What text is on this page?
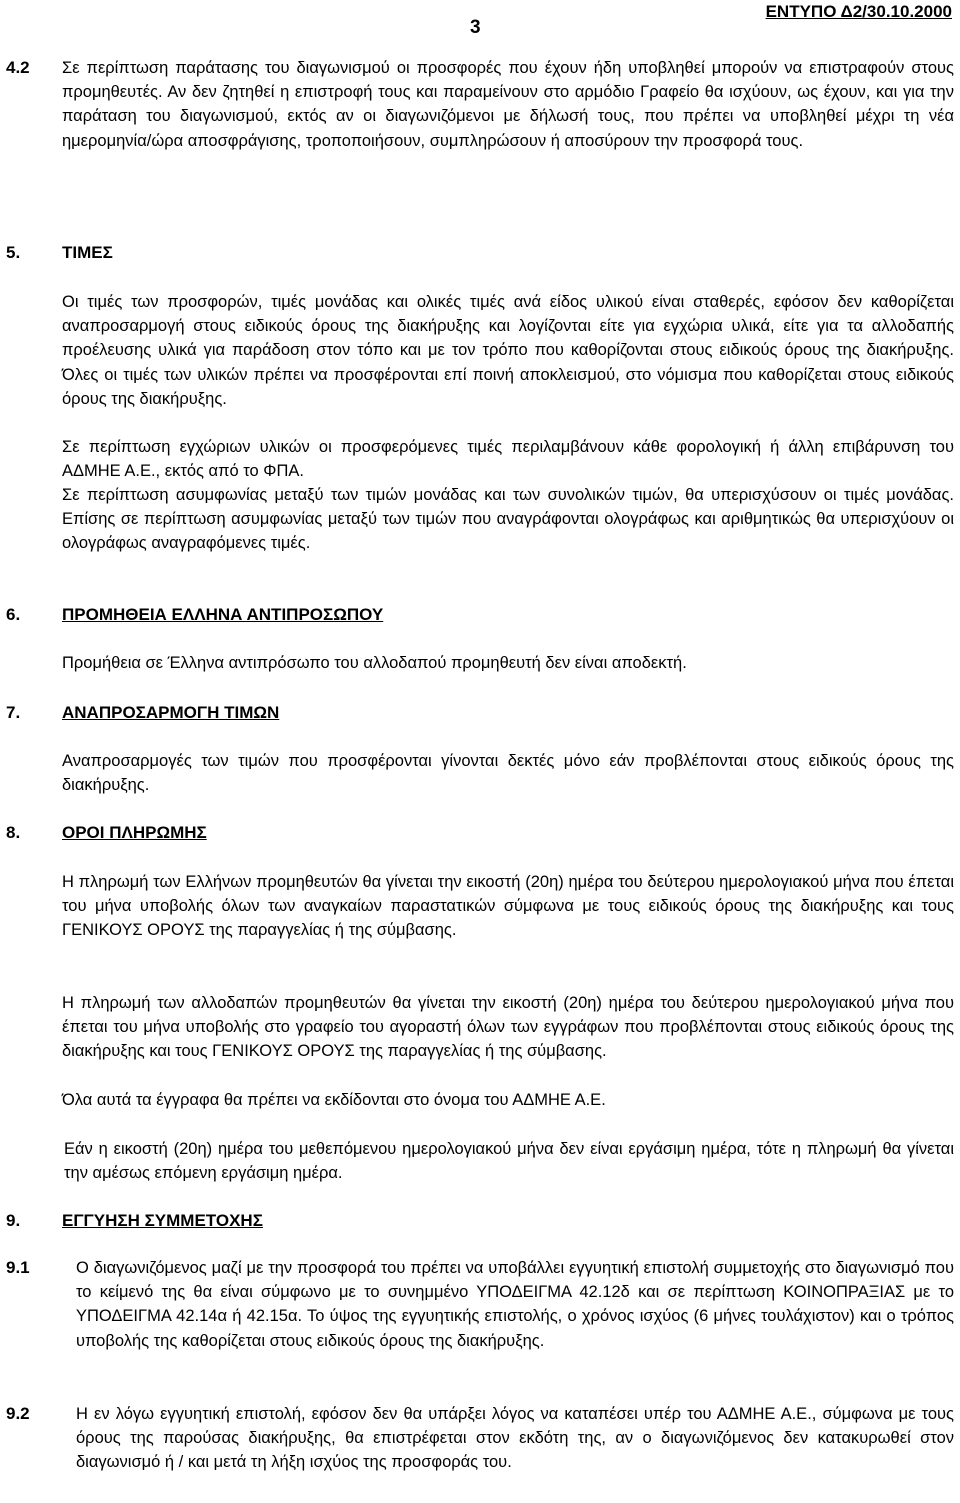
3
ΕΝΤΥΠΟ Δ2/30.10.2000
4.2 Σε περίπτωση παράτασης του διαγωνισμού οι προσφορές που έχουν ήδη υποβληθεί μπορούν να επιστραφούν στους προμηθευτές. Αν δεν ζητηθεί η επιστροφή τους και παραμείνουν στο αρμόδιο Γραφείο θα ισχύουν, ως έχουν, και για την παράταση του διαγωνισμού, εκτός αν οι διαγωνιζόμενοι με δήλωσή τους, που πρέπει να υποβληθεί μέχρι τη νέα ημερομηνία/ώρα αποσφράγισης, τροποποιήσουν, συμπληρώσουν ή αποσύρουν την προσφορά τους.

5. ΤΙΜΕΣ

Οι τιμές των προσφορών, τιμές μονάδας και ολικές τιμές ανά είδος υλικού είναι σταθερές, εφόσον δεν καθορίζεται αναπροσαρμογή στους ειδικούς όρους της διακήρυξης και λογίζονται είτε για εγχώρια υλικά, είτε για τα αλλοδαπής προέλευσης υλικά για παράδοση στον τόπο και με τον τρόπο που καθορίζονται στους ειδικούς όρους της διακήρυξης. Όλες οι τιμές των υλικών πρέπει να προσφέρονται επί ποινή αποκλεισμού, στο νόμισμα που καθορίζεται στους ειδικούς όρους της διακήρυξης.

Σε περίπτωση εγχώριων υλικών οι προσφερόμενες τιμές περιλαμβάνουν κάθε φορολογική ή άλλη επιβάρυνση του ΑΔΜΗΕ Α.Ε., εκτός από το ΦΠΑ.

Σε περίπτωση ασυμφωνίας μεταξύ των τιμών μονάδας και των συνολικών τιμών, θα υπερισχύσουν οι τιμές μονάδας. Επίσης σε περίπτωση ασυμφωνίας μεταξύ των τιμών που αναγράφονται ολογράφως και αριθμητικώς θα υπερισχύουν οι ολογράφως αναγραφόμενες τιμές.

6. ΠΡΟΜΗΘΕΙΑ ΕΛΛΗΝΑ ΑΝΤΙΠΡΟΣΩΠΟΥ

Προμήθεια σε Έλληνα αντιπρόσωπο του αλλοδαπού προμηθευτή δεν είναι αποδεκτή.

7. ΑΝΑΠΡΟΣΑΡΜΟΓΗ ΤΙΜΩΝ

Αναπροσαρμογές των τιμών που προσφέρονται γίνονται δεκτές μόνο εάν προβλέπονται στους ειδικούς όρους της διακήρυξης.

8. ΟΡΟΙ ΠΛΗΡΩΜΗΣ

Η πληρωμή των Ελλήνων προμηθευτών θα γίνεται την εικοστή (20η) ημέρα του δεύτερου ημερολογιακού μήνα που έπεται του μήνα υποβολής όλων των αναγκαίων παραστατικών σύμφωνα με τους ειδικούς όρους της διακήρυξης και τους ΓΕΝΙΚΟΥΣ ΟΡΟΥΣ της παραγγελίας ή της σύμβασης.

Η πληρωμή των αλλοδαπών προμηθευτών θα γίνεται την εικοστή (20η) ημέρα του δεύτερου ημερολογιακού μήνα που έπεται του μήνα υποβολής στο γραφείο του αγοραστή όλων των εγγράφων που προβλέπονται στους ειδικούς όρους της διακήρυξης και τους ΓΕΝΙΚΟΥΣ ΟΡΟΥΣ της παραγγελίας ή της σύμβασης.

Όλα αυτά τα έγγραφα θα πρέπει να εκδίδονται στο όνομα του ΑΔΜΗΕ Α.Ε.

Εάν η εικοστή (20η) ημέρα του μεθεπόμενου ημερολογιακού μήνα δεν είναι εργάσιμη ημέρα, τότε η πληρωμή θα γίνεται την αμέσως επόμενη εργάσιμη ημέρα.

9. ΕΓΓΥΗΣΗ ΣΥΜΜΕΤΟΧΗΣ
9.1	Ο διαγωνιζόμενος μαζί με την προσφορά του πρέπει να υποβάλλει εγγυητική επιστολή συμμετοχής στο διαγωνισμό που το κείμενό της θα είναι σύμφωνο με το συνημμένο ΥΠΟΔΕΙΓΜΑ 42.12δ και σε περίπτωση ΚΟΙΝΟΠΡΑΞΙΑΣ με το ΥΠΟΔΕΙΓΜΑ 42.14α ή 42.15α. Το ύψος της εγγυητικής επιστολής, ο χρόνος ισχύος (6 μήνες τουλάχιστον) και ο τρόπος υποβολής της καθορίζεται στους ειδικούς όρους της διακήρυξης.

9.2	Η εν λόγω εγγυητική επιστολή, εφόσον δεν θα υπάρξει λόγος να καταπέσει υπέρ του ΑΔΜΗΕ Α.Ε., σύμφωνα με τους όρους της παρούσας διακήρυξης, θα επιστρέφεται στον εκδότη της, αν ο διαγωνιζόμενος δεν κατακυρωθεί στον διαγωνισμό ή / και μετά τη λήξη ισχύος της προσφοράς του.
